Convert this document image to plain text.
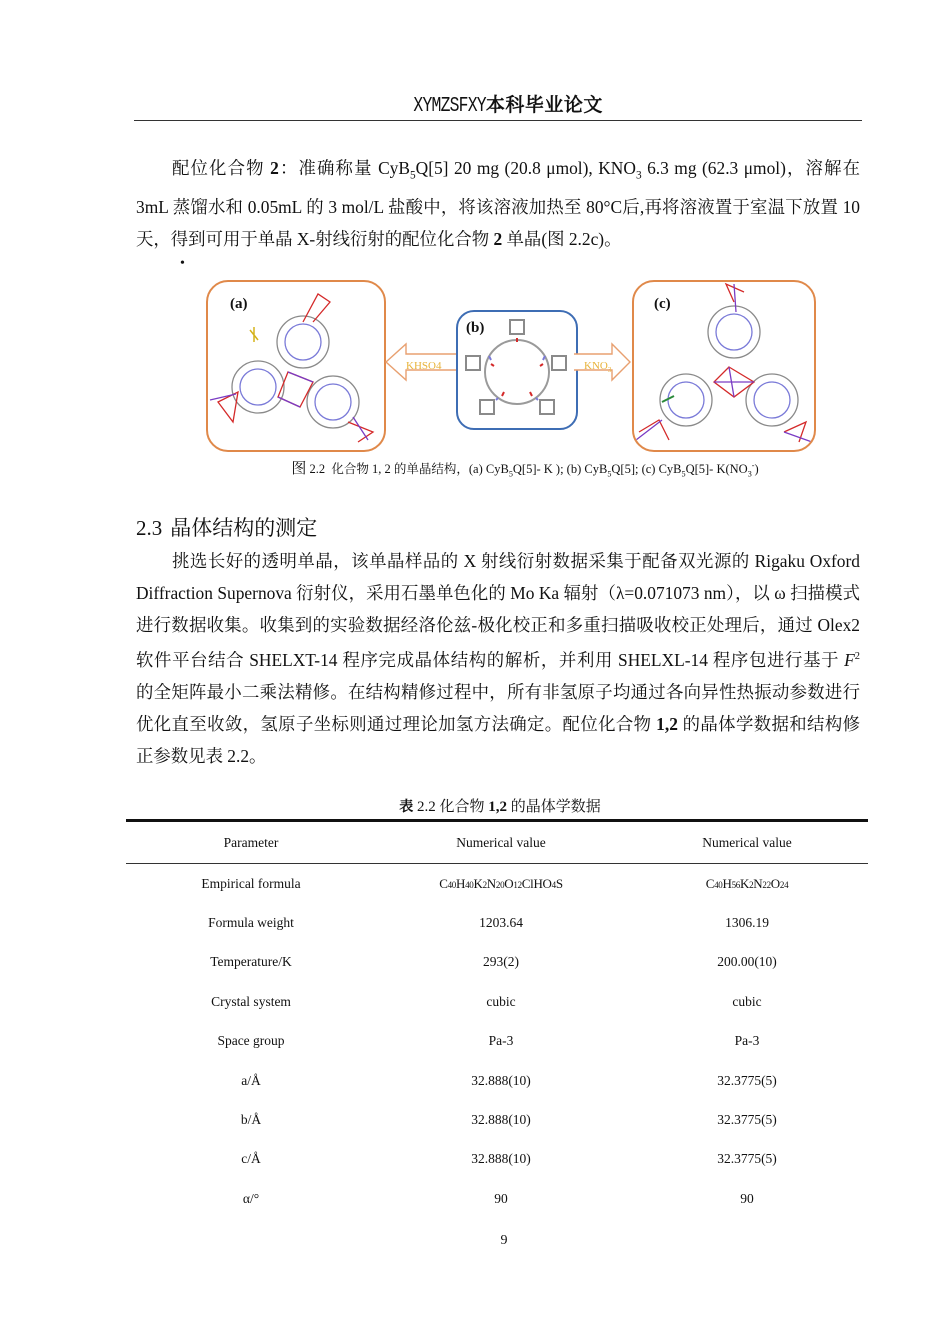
XYMZSFXY本科毕业论文
配位化合物 2：准确称量 CyB$_5$Q[5] 20 mg (20.8 μmol), $KNO_3$ 6.3 mg (62.3 μmol)，溶解在 3mL 蒸馏水和 0.05mL 的 3 mol/L 盐酸中，将该溶液加热至 80°C后,再将溶液置于室温下放置 10 天，得到可用于单晶 X-射线衍射的配位化合物 2 单晶(图 2.2c)。
•
(a)
KHSO4
(b)
$KNO_3$
(c)
图 2.2 化合物 1, 2 的单晶结构，(a) CyB$_5$Q[5]- K ); (b) CyB$_5$Q[5]; (c) CyB$_5$Q[5]- $K(NO_3^-)$
2.3 晶体结构的测定
挑选长好的透明单晶，该单晶样品的 X 射线衍射数据采集于配备双光源的 Rigaku Oxford Diffraction Supernova 衍射仪，采用石墨单色化的 Mo Ka 辐射（λ=0.071073 nm），以 ω 扫描模式进行数据收集。收集到的实验数据经洛伦兹-极化校正和多重扫描吸收校正处理后，通过 Olex2 软件平台结合 SHELXT-14 程序完成晶体结构的解析，并利用 SHELXL-14 程序包进行基于 $F^2$ 的全矩阵最小二乘法精修。在结构精修过程中，所有非氢原子均通过各向异性热振动参数进行优化直至收敛，氢原子坐标则通过理论加氢方法确定。配位化合物 1,2 的晶体学数据和结构修正参数见表 2.2。
表 2.2 化合物 1,2 的晶体学数据
Parameter	Numerical value	Numerical value
Empirical formula	C40H40K2N20O12ClHO4S	C40H56K2N22O24
Formula weight	1203.64	1306.19
Temperature/K	293(2)	200.00(10)
Crystal system	cubic	cubic
Space group	Pa-3	Pa-3
a/Å	32.888(10)	32.3775(5)
b/Å	32.888(10)	32.3775(5)
c/Å	32.888(10)	32.3775(5)
α/°	90	90
9
